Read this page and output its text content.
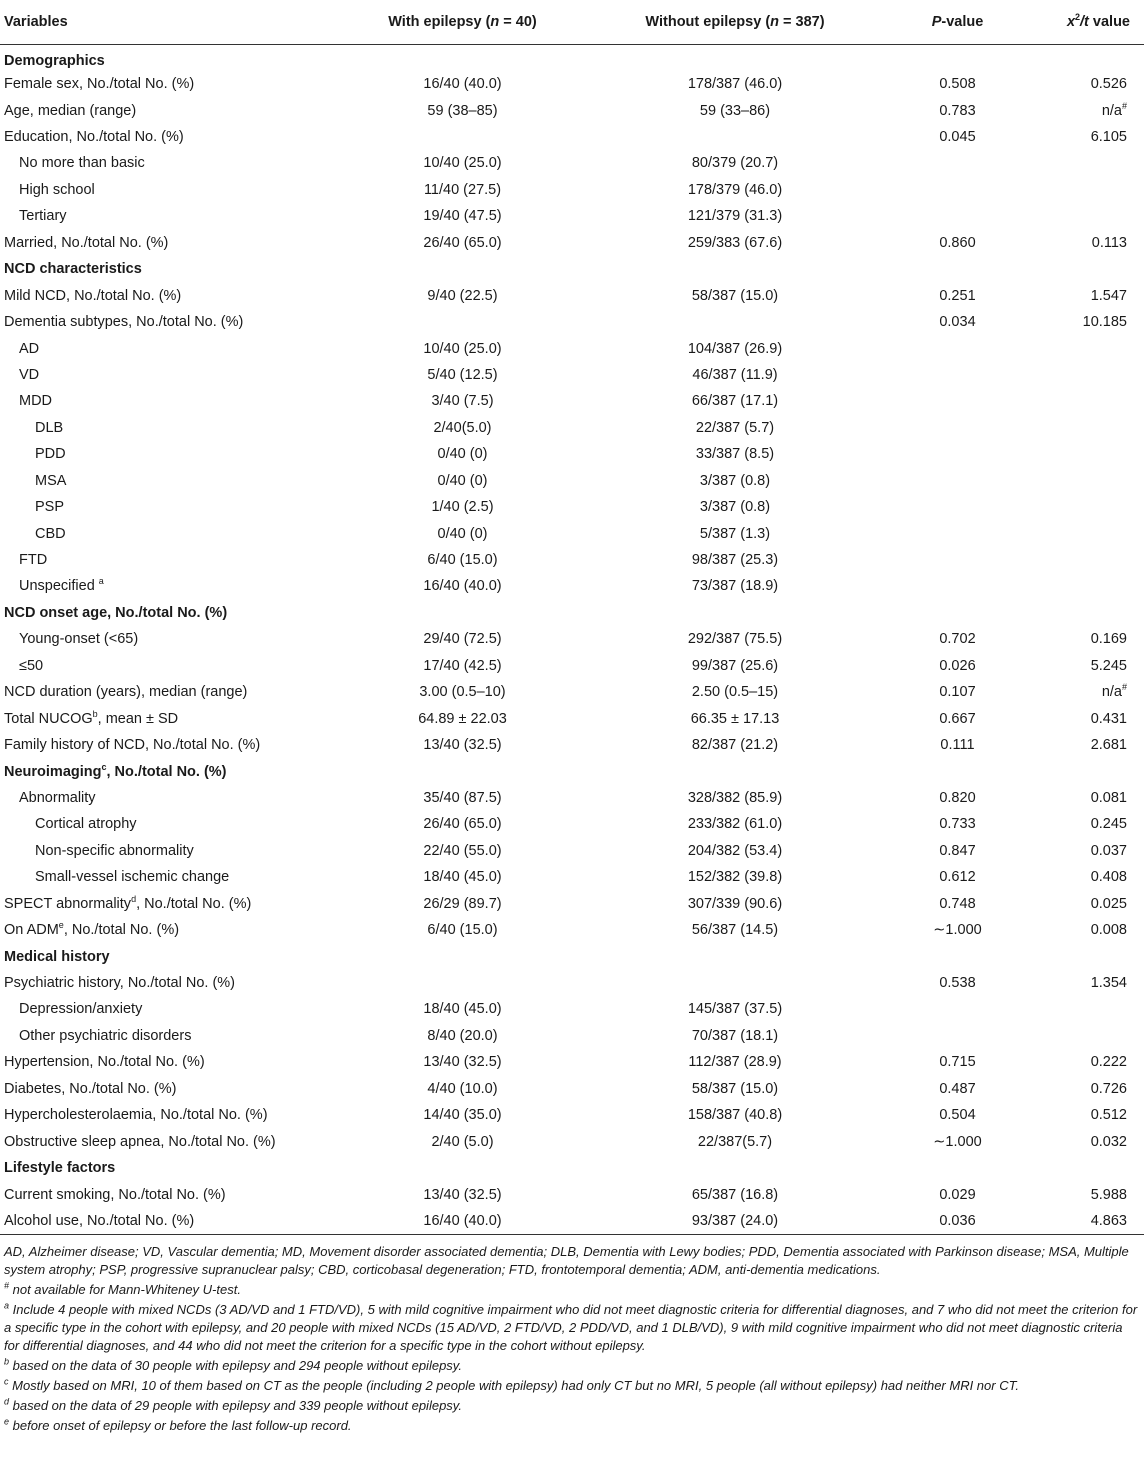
Variables	With epilepsy (n = 40)	Without epilepsy (n = 387)	P-value	$x^2/t$ value
Demographics				
Female sex, No./total No. (%)	16/40 (40.0)	178/387 (46.0)	0.508	0.526
Age, median (range)	59 (38–85)	59 (33–86)	0.783	n/a#
Education, No./total No. (%)			0.045	6.105
No more than basic	10/40 (25.0)	80/379 (20.7)		
High school	11/40 (27.5)	178/379 (46.0)		
Tertiary	19/40 (47.5)	121/379 (31.3)		
Married, No./total No. (%)	26/40 (65.0)	259/383 (67.6)	0.860	0.113
NCD characteristics				
Mild NCD, No./total No. (%)	9/40 (22.5)	58/387 (15.0)	0.251	1.547
Dementia subtypes, No./total No. (%)			0.034	10.185
AD	10/40 (25.0)	104/387 (26.9)		
VD	5/40 (12.5)	46/387 (11.9)		
MDD	3/40 (7.5)	66/387 (17.1)		
DLB	2/40(5.0)	22/387 (5.7)		
PDD	0/40 (0)	33/387 (8.5)		
MSA	0/40 (0)	3/387 (0.8)		
PSP	1/40 (2.5)	3/387 (0.8)		
CBD	0/40 (0)	5/387 (1.3)		
FTD	6/40 (15.0)	98/387 (25.3)		
Unspecified $^a$	16/40 (40.0)	73/387 (18.9)		
NCD onset age, No./total No. (%)				
Young-onset (<65)	29/40 (72.5)	292/387 (75.5)	0.702	0.169
≤50	17/40 (42.5)	99/387 (25.6)	0.026	5.245
NCD duration (years), median (range)	3.00 (0.5–10)	2.50 (0.5–15)	0.107	n/a#
Total NUCOG$^b$, mean ± SD	64.89 ± 22.03	66.35 ± 17.13	0.667	0.431
Family history of NCD, No./total No. (%)	13/40 (32.5)	82/387 (21.2)	0.111	2.681
Neuroimaging$^c$, No./total No. (%)				
Abnormality	35/40 (87.5)	328/382 (85.9)	0.820	0.081
Cortical atrophy	26/40 (65.0)	233/382 (61.0)	0.733	0.245
Non-specific abnormality	22/40 (55.0)	204/382 (53.4)	0.847	0.037
Small-vessel ischemic change	18/40 (45.0)	152/382 (39.8)	0.612	0.408
SPECT abnormality$^d$, No./total No. (%)	26/29 (89.7)	307/339 (90.6)	0.748	0.025
On ADM$^e$, No./total No. (%)	6/40 (15.0)	56/387 (14.5)	∼1.000	0.008
Medical history				
Psychiatric history, No./total No. (%)			0.538	1.354
Depression/anxiety	18/40 (45.0)	145/387 (37.5)		
Other psychiatric disorders	8/40 (20.0)	70/387 (18.1)		
Hypertension, No./total No. (%)	13/40 (32.5)	112/387 (28.9)	0.715	0.222
Diabetes, No./total No. (%)	4/40 (10.0)	58/387 (15.0)	0.487	0.726
Hypercholesterolaemia, No./total No. (%)	14/40 (35.0)	158/387 (40.8)	0.504	0.512
Obstructive sleep apnea, No./total No. (%)	2/40 (5.0)	22/387(5.7)	∼1.000	0.032
Lifestyle factors				
Current smoking, No./total No. (%)	13/40 (32.5)	65/387 (16.8)	0.029	5.988
Alcohol use, No./total No. (%)	16/40 (40.0)	93/387 (24.0)	0.036	4.863

AD, Alzheimer disease; VD, Vascular dementia; MD, Movement disorder associated dementia; DLB, Dementia with Lewy bodies; PDD, Dementia associated with Parkinson disease; MSA, Multiple system atrophy; PSP, progressive supranuclear palsy; CBD, corticobasal degeneration; FTD, frontotemporal dementia; ADM, anti-dementia medications.

# not available for Mann-Whiteney U-test.

$^a$ Include 4 people with mixed NCDs (3 AD/VD and 1 FTD/VD), 5 with mild cognitive impairment who did not meet diagnostic criteria for differential diagnoses, and 7 who did not meet the criterion for a specific type in the cohort with epilepsy, and 20 people with mixed NCDs (15 AD/VD, 2 FTD/VD, 2 PDD/VD, and 1 DLB/VD), 9 with mild cognitive impairment who did not meet diagnostic criteria for differential diagnoses, and 44 who did not meet the criterion for a specific type in the cohort without epilepsy.

$^b$ based on the data of 30 people with epilepsy and 294 people without epilepsy.

$^c$ Mostly based on MRI, 10 of them based on CT as the people (including 2 people with epilepsy) had only CT but no MRI, 5 people (all without epilepsy) had neither MRI nor CT.

$^d$ based on the data of 29 people with epilepsy and 339 people without epilepsy.

$^e$ before onset of epilepsy or before the last follow-up record.
